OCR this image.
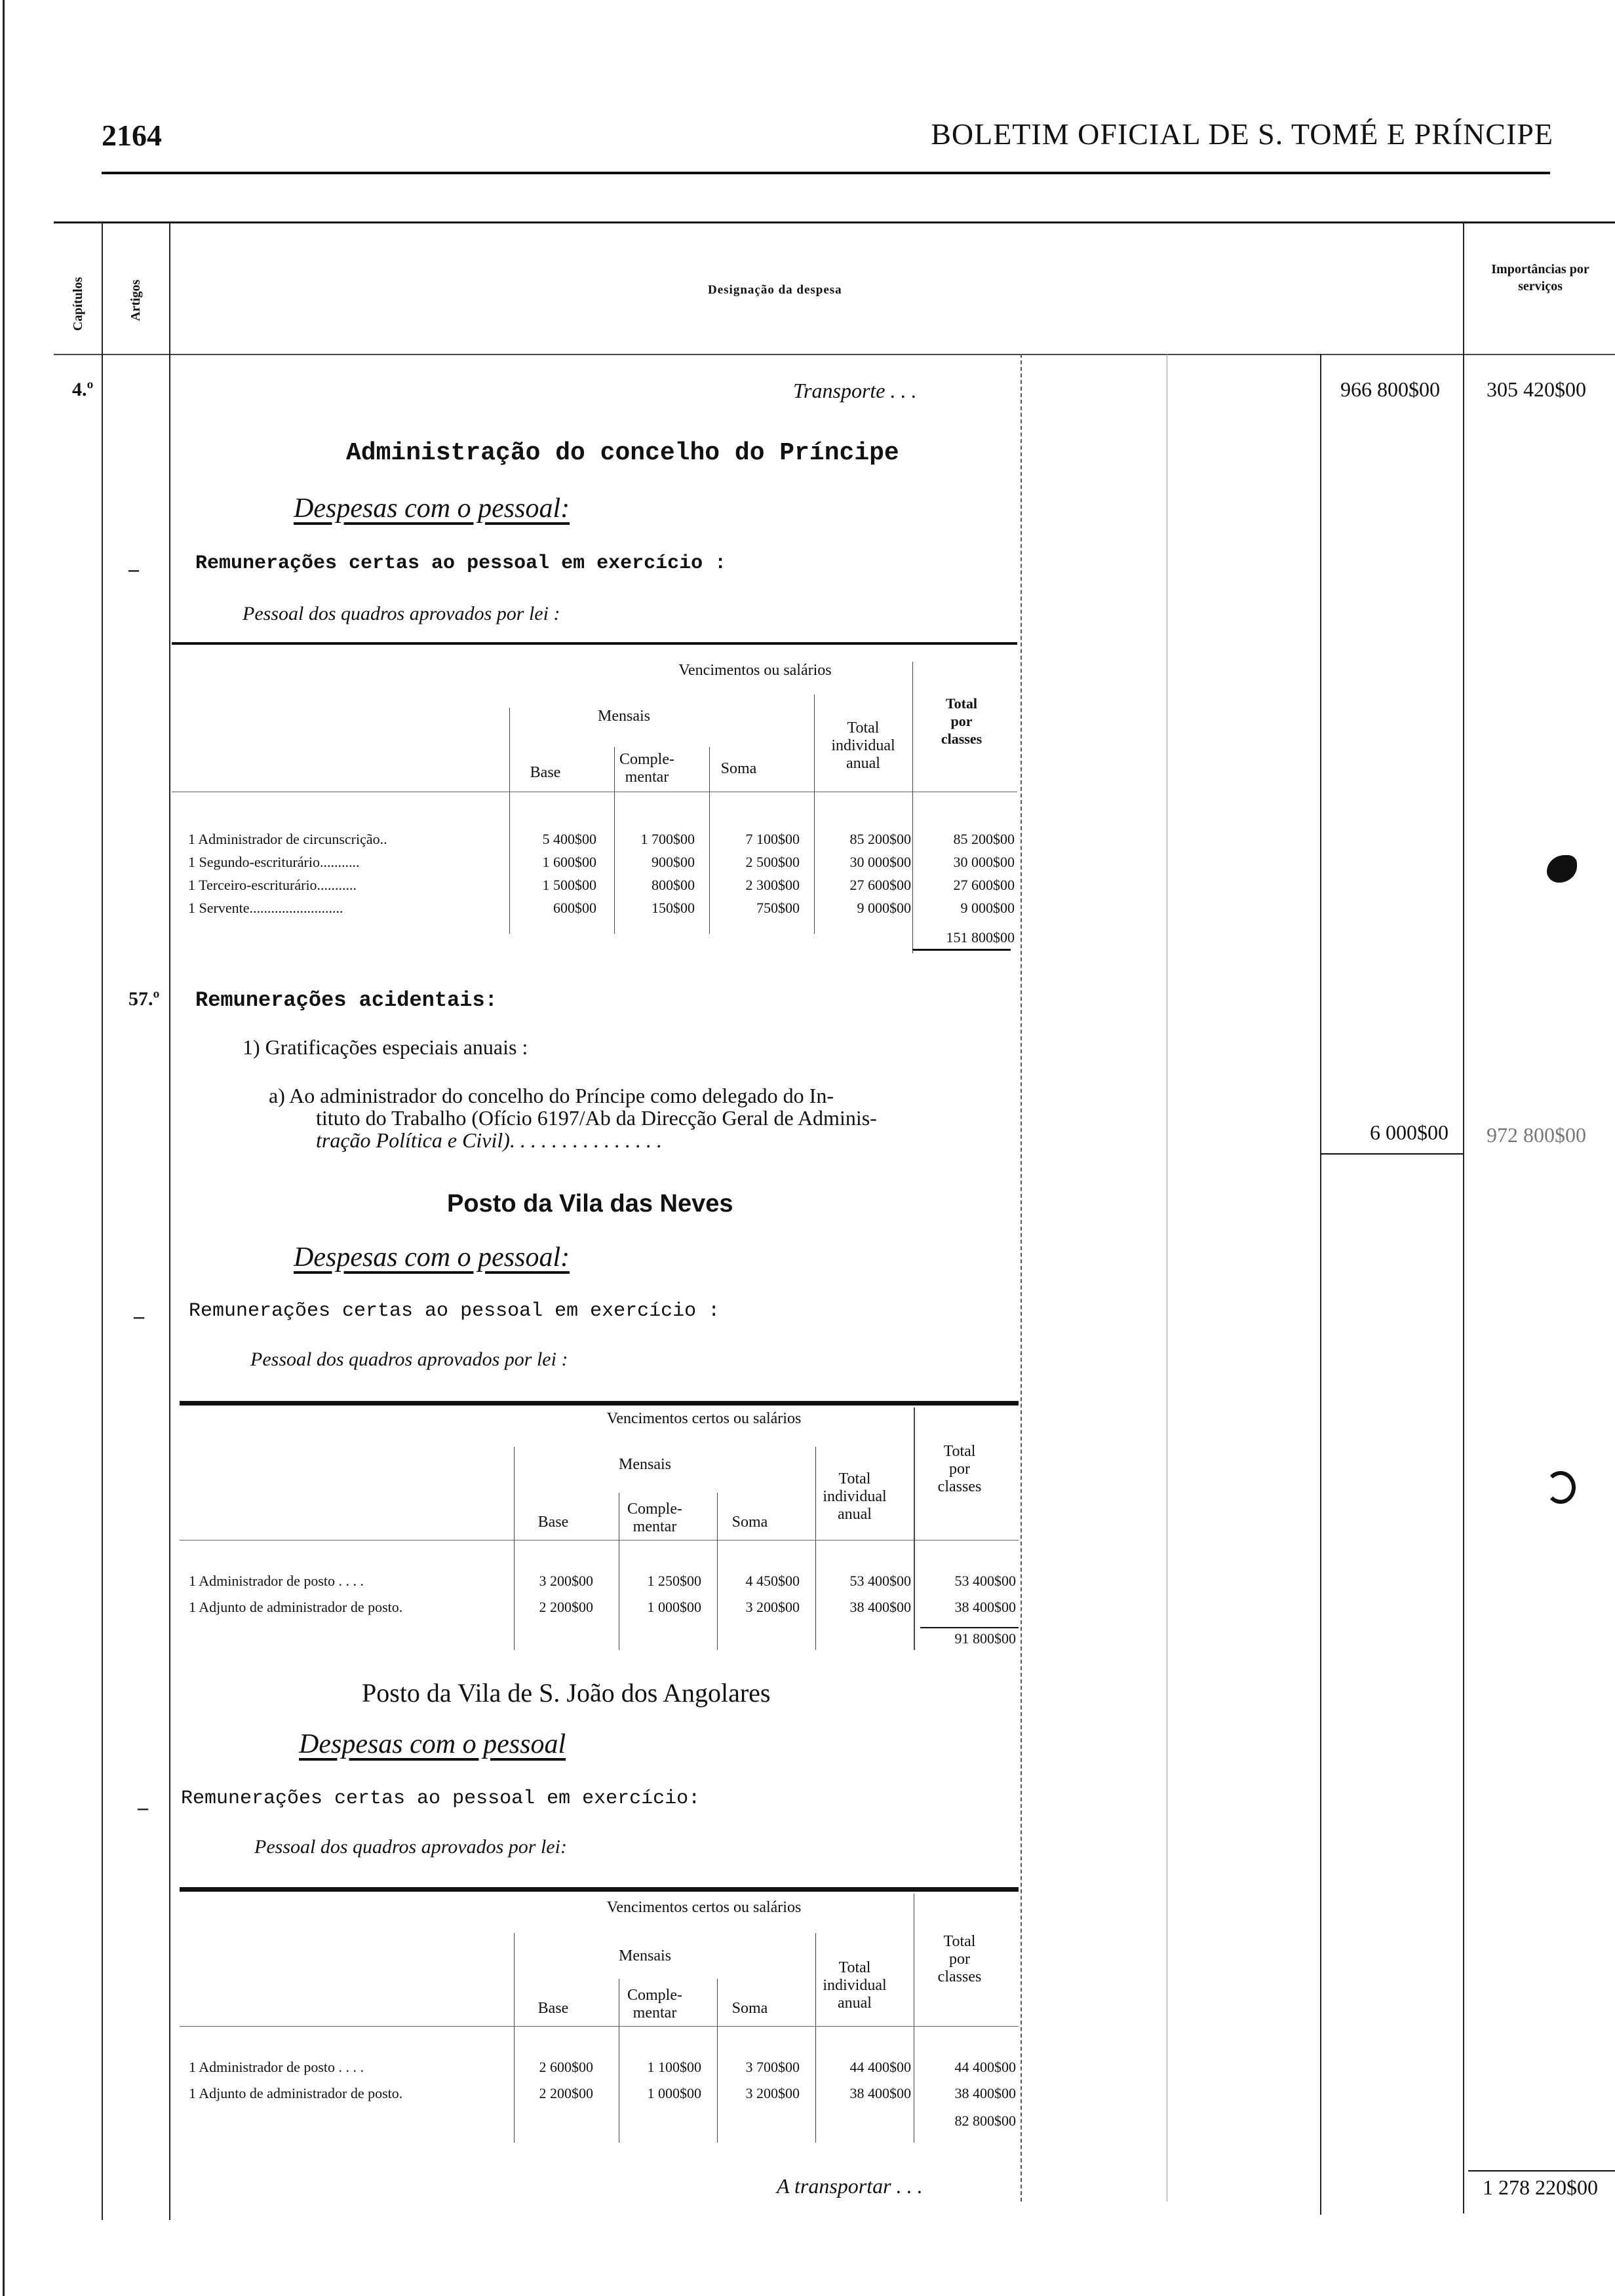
2164	BOLETIM OFICIAL DE S. TOMÉ E PRÍNCIPE
Capítulos	Artigos	Designação da despesa
Importâncias por serviços
4.º	Transporte . . .	966 800$00 305 420$00
Administração do concelho do Príncipe
Despesas com o pessoal:
–	Remunerações certas ao pessoal em exercício :
Pessoal dos quadros aprovados por lei :
Vencimentos ou salários
Mensais
Base
Comple-
mentar	Soma
Total
individual
anual
Total
por
classes
1 Administrador de circunscrição..	5 400$00	1 700$00	7 100$00	85 200$00	85 200$00
1 Segundo-escriturário...........	1 600$00	900$00	2 500$00	30 000$00	30 000$00
1 Terceiro-escriturário...........	1 500$00	800$00	2 300$00	27 600$00	27 600$00
1 Servente..........................	600$00	150$00	750$00	9 000$00	9 000$00
151 800$00
57.º Remunerações acidentais:
1) Gratificações especiais anuais :
a) Ao administrador do concelho do Príncipe como delegado do In-
tituto do Trabalho (Ofício 6197/Ab da Direcção Geral de Adminis-
tração Política e Civil). . . . . . . . . . . . . . .	6 000$00 972 800$00
Posto da Vila das Neves
Despesas com o pessoal:
– Remunerações certas ao pessoal em exercício :
Pessoal dos quadros aprovados por lei :
Vencimentos certos ou salários
Mensais
Base
Comple-
mentar	Soma
Total
individual
anual
Total
por
classes
1 Administrador de posto . . . .	3 200$00	1 250$00	4 450$00	53 400$00	53 400$00
1 Adjunto de administrador de posto.	2 200$00	1 000$00	3 200$00	38 400$00	38 400$00
91 800$00
Posto da Vila de S. João dos Angolares
Despesas com o pessoal
– Remunerações certas ao pessoal em exercício:
Pessoal dos quadros aprovados por lei:
Vencimentos certos ou salários
Mensais
Base
Comple-
mentar	Soma
Total
individual
anual
Total
por
classes
1 Administrador de posto . . . .	2 600$00	1 100$00	3 700$00	44 400$00	44 400$00
1 Adjunto de administrador de posto.	2 200$00	1 000$00	3 200$00	38 400$00	38 400$00
82 800$00
A transportar . . .	1 278 220$00
